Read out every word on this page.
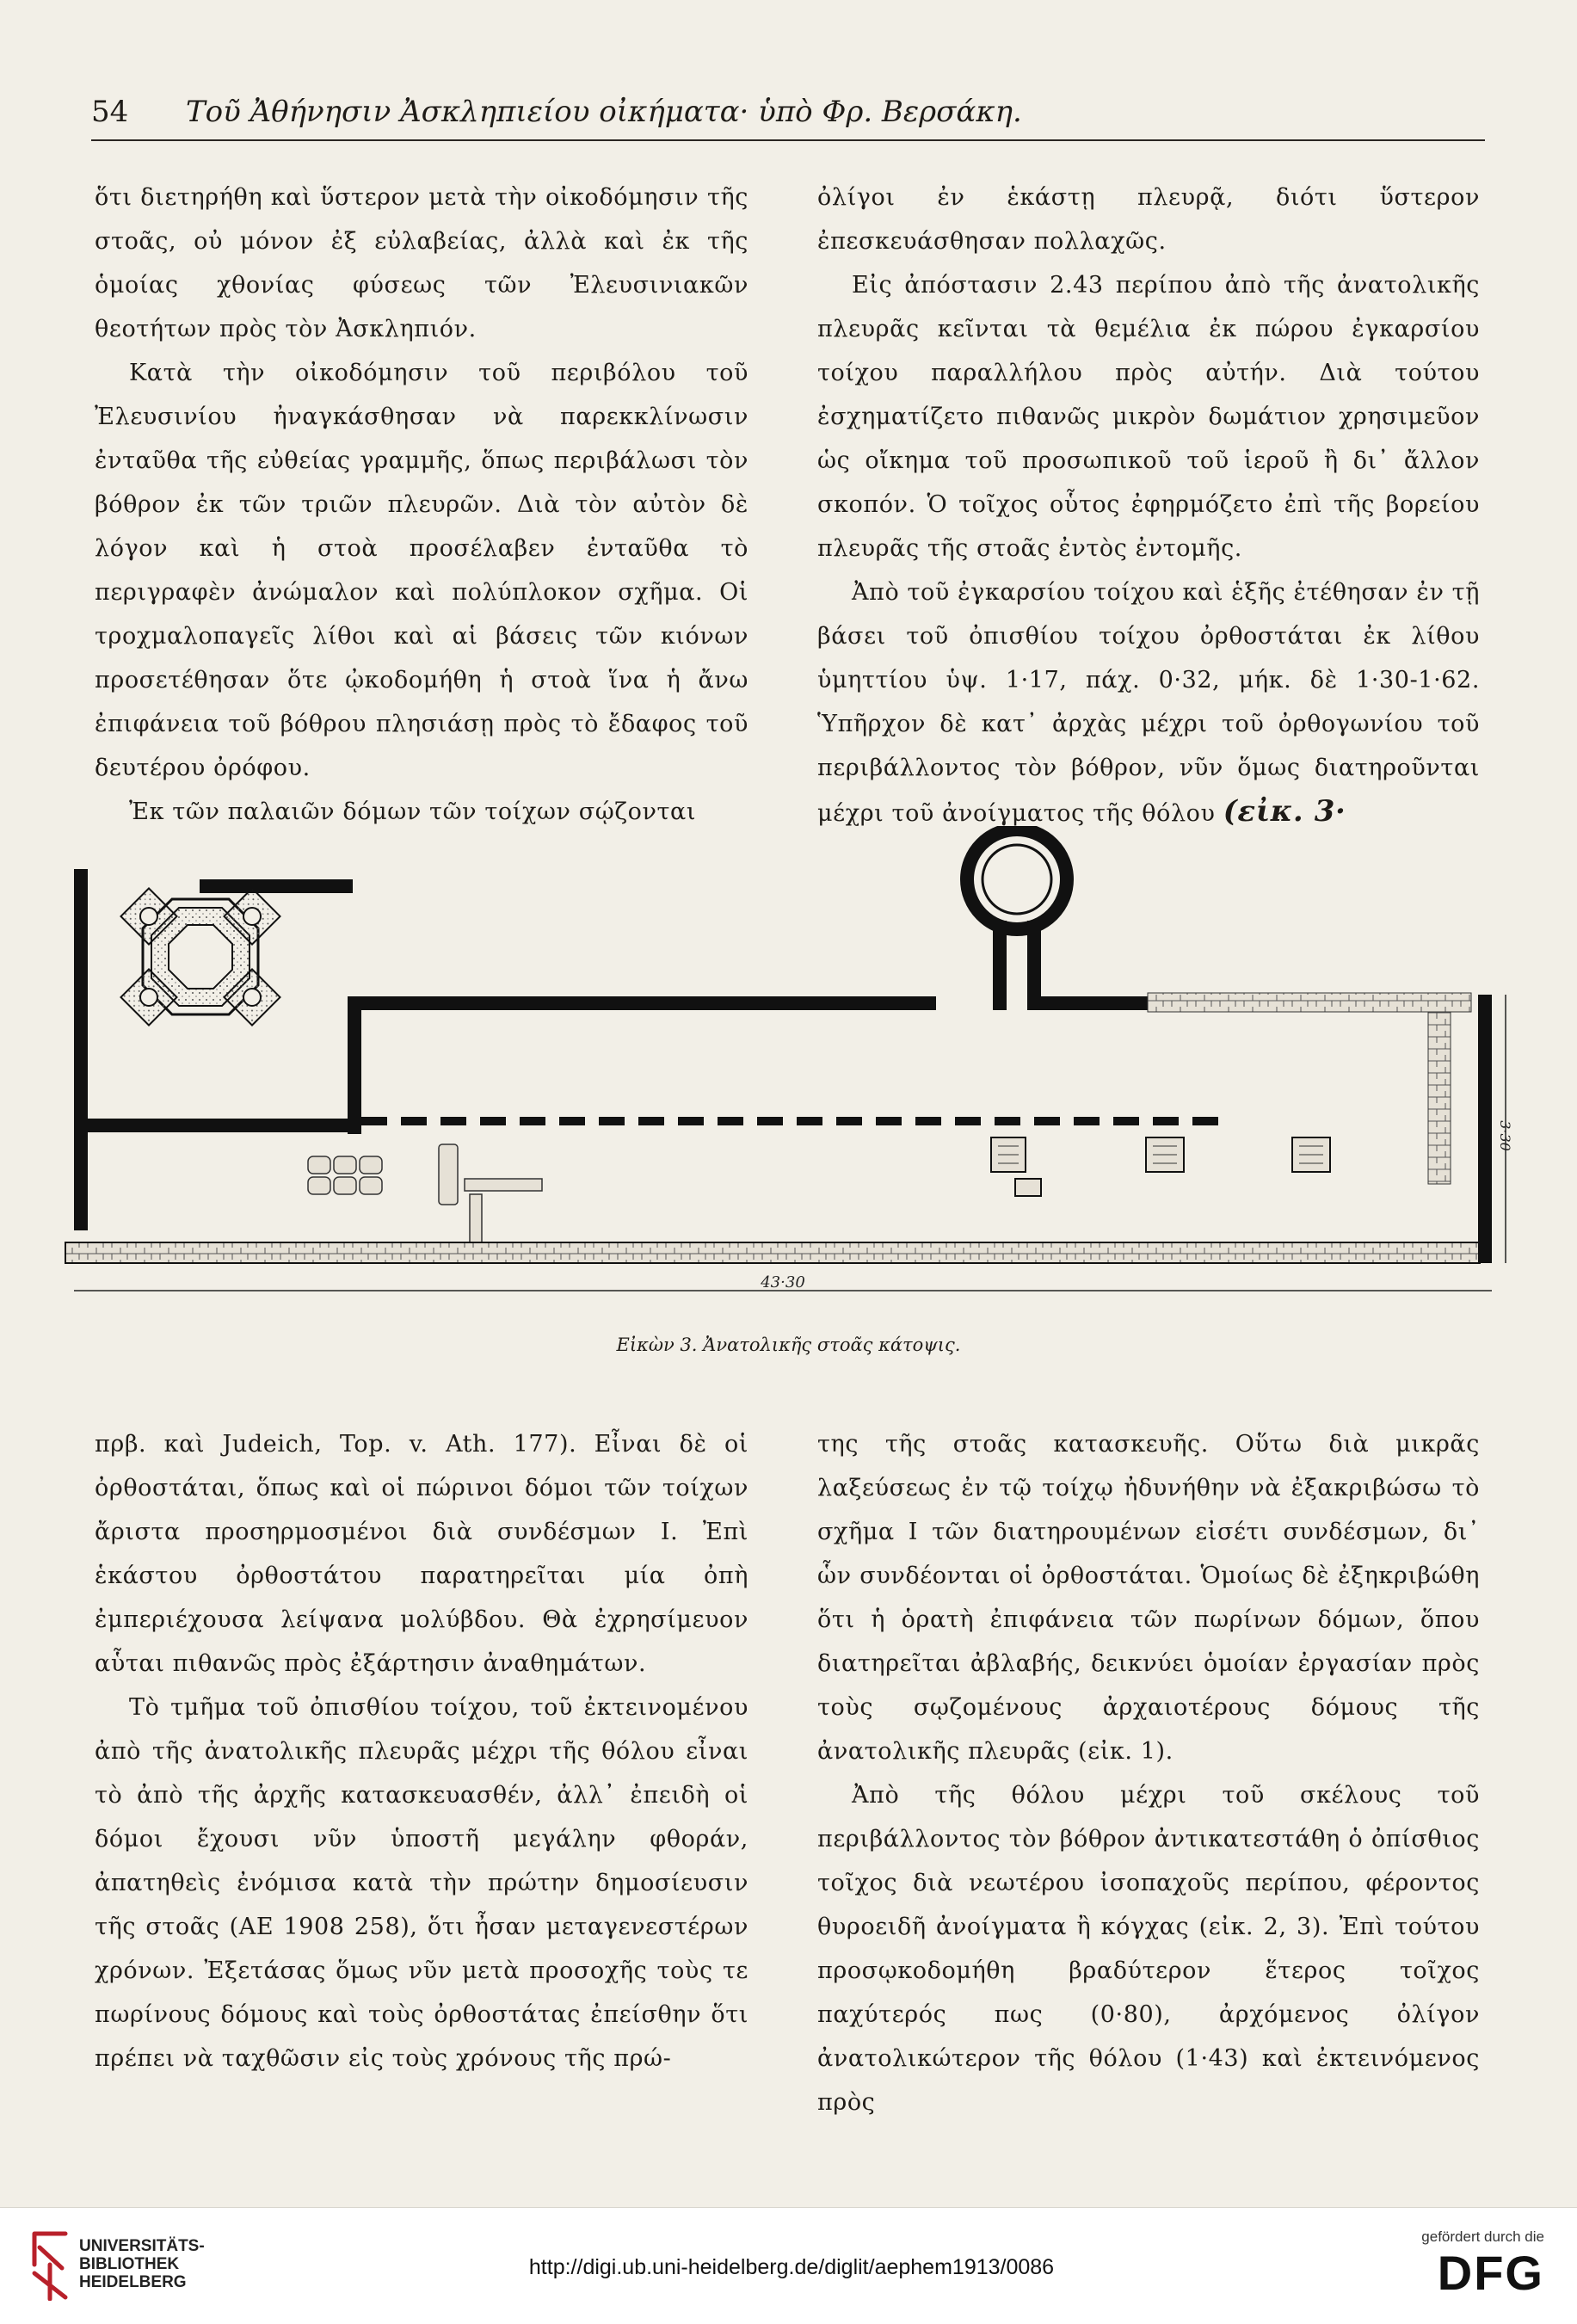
54 Τοῦ Ἀθήνησιν Ἀσκληπιείου οἰκήματα· ὑπὸ Φρ. Βερσάκη.

ὅτι διετηρήθη καὶ ὕστερον μετὰ τὴν οἰκοδόμησιν τῆς στοᾶς, οὐ μόνον ἐξ εὐλαβείας, ἀλλὰ καὶ ἐκ τῆς ὁμοίας χθονίας φύσεως τῶν Ἐλευσινιακῶν θεοτήτων πρὸς τὸν Ἀσκληπιόν.

Κατὰ τὴν οἰκοδόμησιν τοῦ περιβόλου τοῦ Ἐλευσινίου ἠναγκάσθησαν νὰ παρεκκλίνωσιν ἐνταῦθα τῆς εὐθείας γραμμῆς, ὅπως περιβάλωσι τὸν βόθρον ἐκ τῶν τριῶν πλευρῶν. Διὰ τὸν αὐτὸν δὲ λόγον καὶ ἡ στοὰ προσέλαβεν ἐνταῦθα τὸ περιγραφὲν ἀνώμαλον καὶ πολύπλοκον σχῆμα. Οἱ τροχμαλοπαγεῖς λίθοι καὶ αἱ βάσεις τῶν κιόνων προσετέθησαν ὅτε ᾠκοδομήθη ἡ στοὰ ἵνα ἡ ἄνω ἐπιφάνεια τοῦ βόθρου πλησιάσῃ πρὸς τὸ ἔδαφος τοῦ δευτέρου ὀρόφου.

Ἐκ τῶν παλαιῶν δόμων τῶν τοίχων σῴζονται

ὀλίγοι ἐν ἑκάστῃ πλευρᾷ, διότι ὕστερον ἐπεσκευάσθησαν πολλαχῶς.

Εἰς ἀπόστασιν 2.43 περίπου ἀπὸ τῆς ἀνατολικῆς πλευρᾶς κεῖνται τὰ θεμέλια ἐκ πώρου ἐγκαρσίου τοίχου παραλλήλου πρὸς αὐτήν. Διὰ τούτου ἐσχηματίζετο πιθανῶς μικρὸν δωμάτιον χρησιμεῦον ὡς οἴκημα τοῦ προσωπικοῦ τοῦ ἱεροῦ ἢ δι᾽ ἄλλον σκοπόν. Ὁ τοῖχος οὗτος ἐφηρμόζετο ἐπὶ τῆς βορείου πλευρᾶς τῆς στοᾶς ἐντὸς ἐντομῆς.

Ἀπὸ τοῦ ἐγκαρσίου τοίχου καὶ ἑξῆς ἐτέθησαν ἐν τῇ βάσει τοῦ ὀπισθίου τοίχου ὀρθοστάται ἐκ λίθου ὑμηττίου ὑψ. 1·17, πάχ. 0·32, μήκ. δὲ 1·30-1·62. Ὑπῆρχον δὲ κατ᾽ ἀρχὰς μέχρι τοῦ ὀρθογωνίου τοῦ περιβάλλοντος τὸν βόθρον, νῦν ὅμως διατηροῦνται μέχρι τοῦ ἀνοίγματος τῆς θόλου (εἰκ. 3·

43·30
3·30
Εἰκὼν 3. Ἀνατολικῆς στοᾶς κάτοψις.

πρβ. καὶ Judeich, Top. v. Ath. 177). Εἶναι δὲ οἱ ὀρθοστάται, ὅπως καὶ οἱ πώρινοι δόμοι τῶν τοίχων ἄριστα προσηρμοσμένοι διὰ συνδέσμων I. Ἐπὶ ἑκάστου ὀρθοστάτου παρατηρεῖται μία ὀπὴ ἐμπεριέχουσα λείψανα μολύβδου. Θὰ ἐχρησίμευον αὗται πιθανῶς πρὸς ἐξάρτησιν ἀναθημάτων.

Τὸ τμῆμα τοῦ ὀπισθίου τοίχου, τοῦ ἐκτεινομένου ἀπὸ τῆς ἀνατολικῆς πλευρᾶς μέχρι τῆς θόλου εἶναι τὸ ἀπὸ τῆς ἀρχῆς κατασκευασθέν, ἀλλ᾽ ἐπειδὴ οἱ δόμοι ἔχουσι νῦν ὑποστῆ μεγάλην φθοράν, ἀπατηθεὶς ἐνόμισα κατὰ τὴν πρώτην δημοσίευσιν τῆς στοᾶς (ΑΕ 1908 258), ὅτι ἦσαν μεταγενεστέρων χρόνων. Ἐξετάσας ὅμως νῦν μετὰ προσοχῆς τοὺς τε πωρίνους δόμους καὶ τοὺς ὀρθοστάτας ἐπείσθην ὅτι πρέπει νὰ ταχθῶσιν εἰς τοὺς χρόνους τῆς πρώ-

της τῆς στοᾶς κατασκευῆς. Οὕτω διὰ μικρᾶς λαξεύσεως ἐν τῷ τοίχῳ ἠδυνήθην νὰ ἐξακριβώσω τὸ σχῆμα I τῶν διατηρουμένων εἰσέτι συνδέσμων, δι᾽ ὧν συνδέονται οἱ ὀρθοστάται. Ὁμοίως δὲ ἐξηκριβώθη ὅτι ἡ ὁρατὴ ἐπιφάνεια τῶν πωρίνων δόμων, ὅπου διατηρεῖται ἀβλαβής, δεικνύει ὁμοίαν ἐργασίαν πρὸς τοὺς σῳζομένους ἀρχαιοτέρους δόμους τῆς ἀνατολικῆς πλευρᾶς (εἰκ. 1).

Ἀπὸ τῆς θόλου μέχρι τοῦ σκέλους τοῦ περιβάλλοντος τὸν βόθρον ἀντικατεστάθη ὁ ὀπίσθιος τοῖχος διὰ νεωτέρου ἰσοπαχοῦς περίπου, φέροντος θυροειδῆ ἀνοίγματα ἢ κόγχας (εἰκ. 2, 3). Ἐπὶ τούτου προσῳκοδομήθη βραδύτερον ἕτερος τοῖχος παχύτερός πως (0·80), ἀρχόμενος ὀλίγον ἀνατολικώτερον τῆς θόλου (1·43) καὶ ἐκτεινόμενος πρὸς

UNIVERSITÄTS-
BIBLIOTHEK
HEIDELBERG
http://digi.ub.uni-heidelberg.de/diglit/aephem1913/0086
gefördert durch die
DFG
